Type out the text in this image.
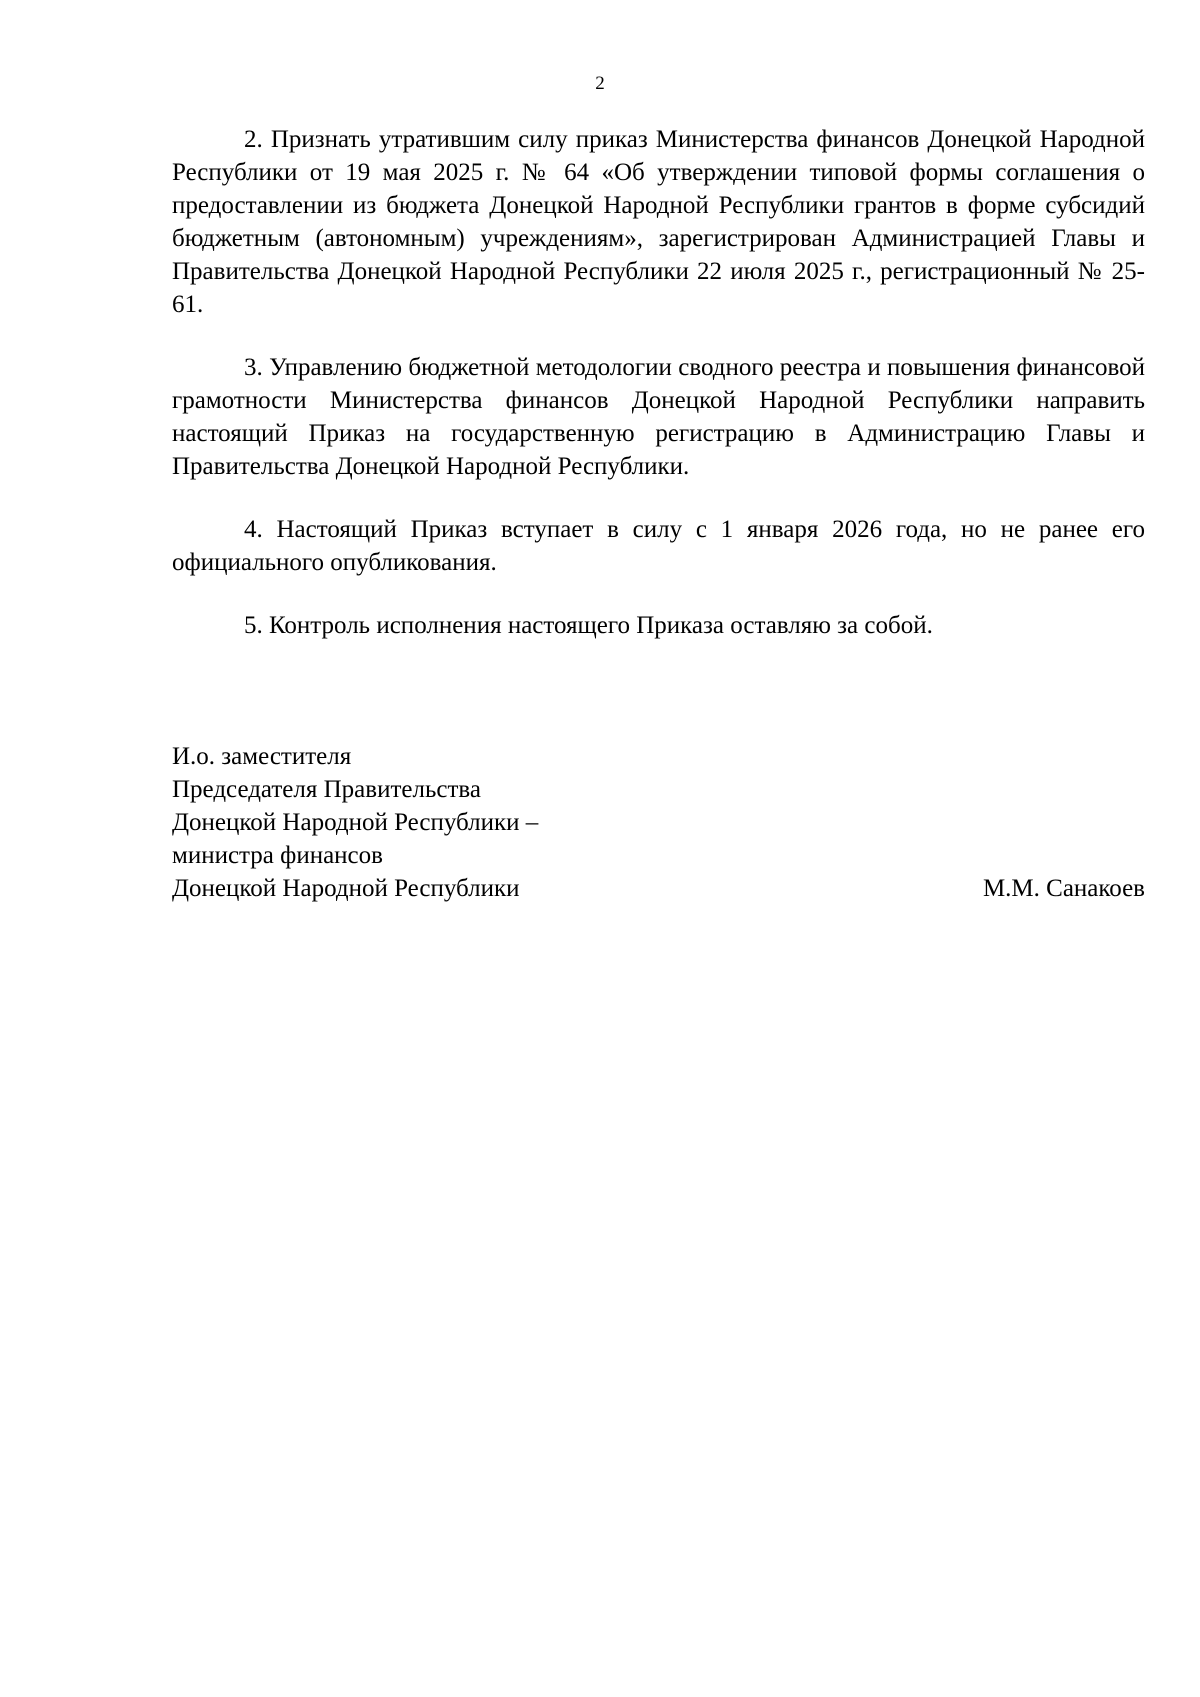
2

2. Признать утратившим силу приказ Министерства финансов Донецкой Народной Республики от 19 мая 2025 г. № 64 «Об утверждении типовой формы соглашения о предоставлении из бюджета Донецкой Народной Республики грантов в форме субсидий бюджетным (автономным) учреждениям», зарегистрирован Администрацией Главы и Правительства Донецкой Народной Республики 22 июля 2025 г., регистрационный № 25-61.

3. Управлению бюджетной методологии сводного реестра и повышения финансовой грамотности Министерства финансов Донецкой Народной Республики направить настоящий Приказ на государственную регистрацию в Администрацию Главы и Правительства Донецкой Народной Республики.

4. Настоящий Приказ вступает в силу с 1 января 2026 года, но не ранее его официального опубликования.

5. Контроль исполнения настоящего Приказа оставляю за собой.

И.о. заместителя
Председателя Правительства
Донецкой Народной Республики –
министра финансов
Донецкой Народной Республики	М.М. Санакоев
